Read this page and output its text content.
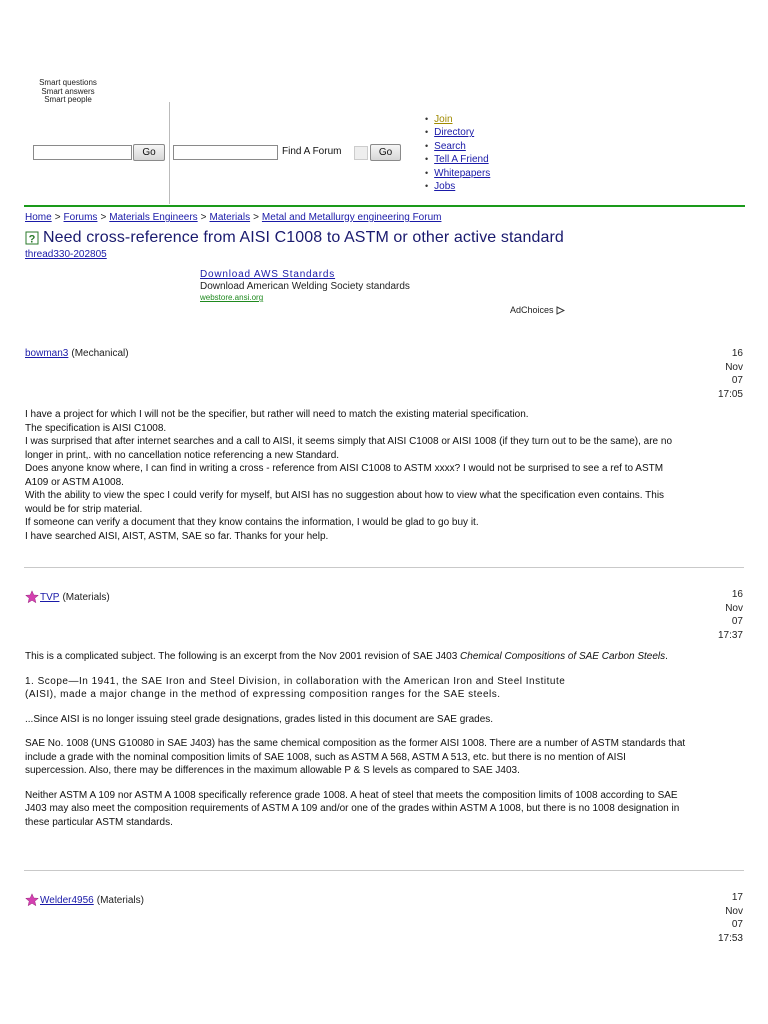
Smart questions
Smart answers
Smart people
Go	Find A Forum	Go
• Join
• Directory
• Search
• Tell A Friend
• Whitepapers
• Jobs
Home > Forums > Materials Engineers > Materials > Metal and Metallurgy engineering Forum
? Need cross-reference from AISI C1008 to ASTM or other active standard
thread330-202805
Download AWS Standards
Download American Welding Society standards
webstore.ansi.org
AdChoices
bowman3 (Mechanical)	16
Nov
07
17:05

I have a project for which I will not be the specifier, but rather will need to match the existing material specification.

The specification is AISI C1008.

I was surprised that after internet searches and a call to AISI, it seems simply that AISI C1008 or AISI 1008 (if they turn out to be the same), are no

longer in print,. with no cancellation notice referencing a new Standard.

Does anyone know where, I can find in writing a cross - reference from AISI C1008 to ASTM xxxx? I would not be surprised to see a ref to ASTM

A109 or ASTM A1008.

With the ability to view the spec I could verify for myself, but AISI has no suggestion about how to view what the specification even contains. This

would be for strip material.

If someone can verify a document that they know contains the information, I would be glad to go buy it.

I have searched AISI, AIST, ASTM, SAE so far. Thanks for your help.

TVP (Materials)	16
Nov
07
17:37

This is a complicated subject. The following is an excerpt from the Nov 2001 revision of SAE J403 Chemical Compositions of SAE Carbon Steels.

1. Scope—In 1941, the SAE Iron and Steel Division, in collaboration with the American Iron and Steel Institute

(AISI), made a major change in the method of expressing composition ranges for the SAE steels.

...Since AISI is no longer issuing steel grade designations, grades listed in this document are SAE grades.

SAE No. 1008 (UNS G10080 in SAE J403) has the same chemical composition as the former AISI 1008. There are a number of ASTM standards that

include a grade with the nominal composition limits of SAE 1008, such as ASTM A 568, ASTM A 513, etc. but there is no mention of AISI

supercession. Also, there may be differences in the maximum allowable P & S levels as compared to SAE J403.

Neither ASTM A 109 nor ASTM A 1008 specifically reference grade 1008. A heat of steel that meets the composition limits of 1008 according to SAE

J403 may also meet the composition requirements of ASTM A 109 and/or one of the grades within ASTM A 1008, but there is no 1008 designation in

these particular ASTM standards.

Welder4956 (Materials)	17
Nov
07
17:53
